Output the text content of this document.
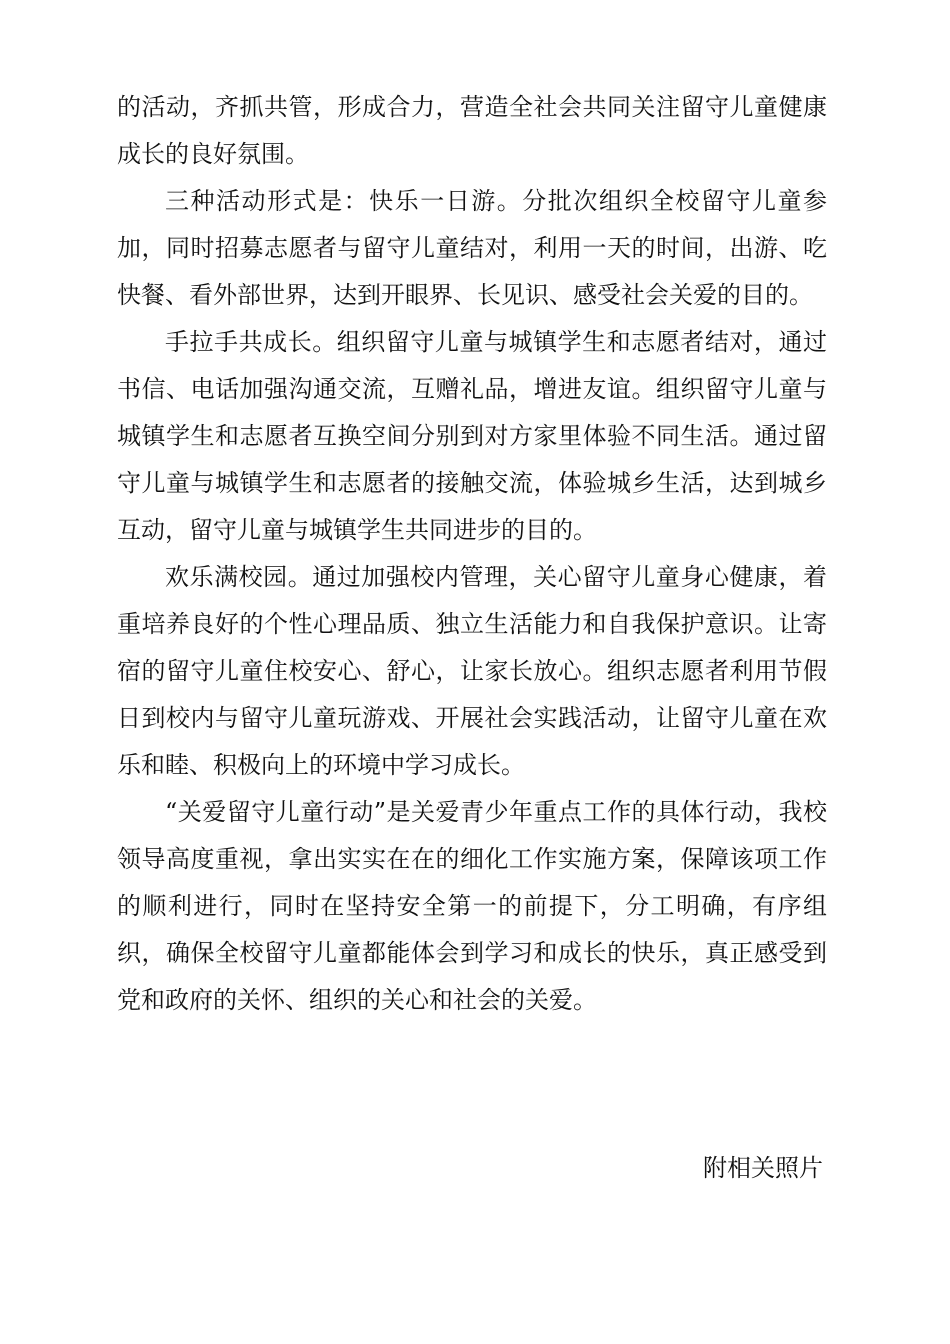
的活动，齐抓共管，形成合力，营造全社会共同关注留守儿童健康成长的良好氛围。

三种活动形式是：快乐一日游。分批次组织全校留守儿童参加，同时招募志愿者与留守儿童结对，利用一天的时间，出游、吃快餐、看外部世界，达到开眼界、长见识、感受社会关爱的目的。

手拉手共成长。组织留守儿童与城镇学生和志愿者结对，通过书信、电话加强沟通交流，互赠礼品，增进友谊。组织留守儿童与城镇学生和志愿者互换空间分别到对方家里体验不同生活。通过留守儿童与城镇学生和志愿者的接触交流，体验城乡生活，达到城乡互动，留守儿童与城镇学生共同进步的目的。

欢乐满校园。通过加强校内管理，关心留守儿童身心健康，着重培养良好的个性心理品质、独立生活能力和自我保护意识。让寄宿的留守儿童住校安心、舒心，让家长放心。组织志愿者利用节假日到校内与留守儿童玩游戏、开展社会实践活动，让留守儿童在欢乐和睦、积极向上的环境中学习成长。

“关爱留守儿童行动”是关爱青少年重点工作的具体行动，我校领导高度重视，拿出实实在在的细化工作实施方案，保障该项工作的顺利进行，同时在坚持安全第一的前提下，分工明确，有序组织，确保全校留守儿童都能体会到学习和成长的快乐，真正感受到党和政府的关怀、组织的关心和社会的关爱。

附相关照片
